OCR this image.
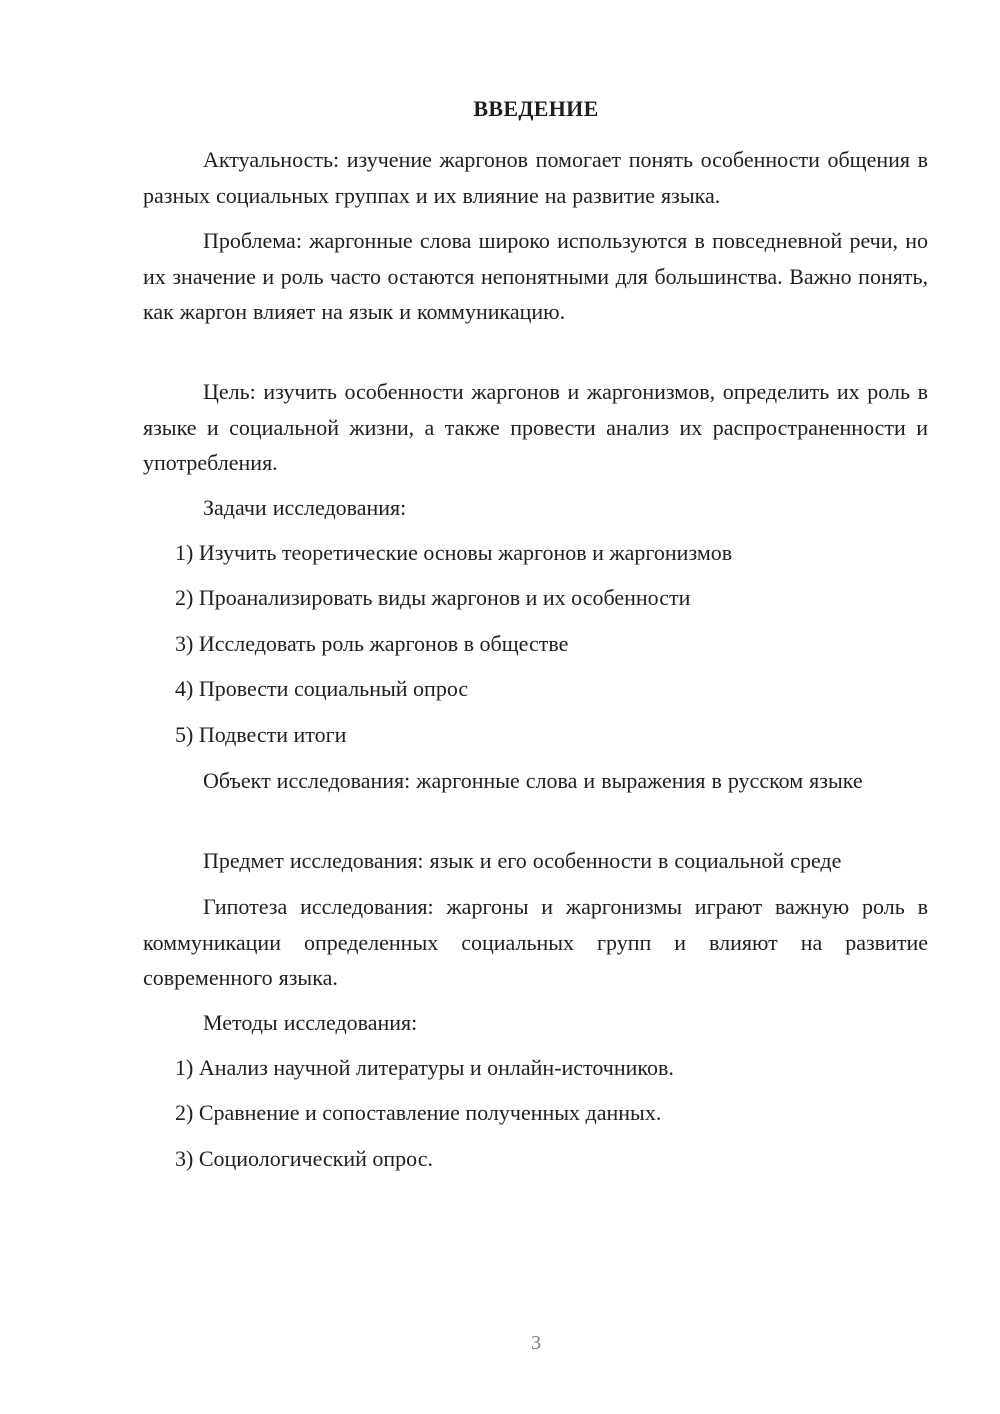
ВВЕДЕНИЕ

Актуальность: изучение жаргонов помогает понять особенности общения в разных социальных группах и их влияние на развитие языка.

Проблема: жаргонные слова широко используются в повседневной речи, но их значение и роль часто остаются непонятными для большинства. Важно понять, как жаргон влияет на язык и коммуникацию.

Цель: изучить особенности жаргонов и жаргонизмов, определить их роль в языке и социальной жизни, а также провести анализ их распространенности и употребления.

Задачи исследования:

1) Изучить теоретические основы жаргонов и жаргонизмов

2) Проанализировать виды жаргонов и их особенности

3) Исследовать роль жаргонов в обществе

4) Провести социальный опрос

5) Подвести итоги

Объект исследования: жаргонные слова и выражения в русском языке

Предмет исследования: язык и его особенности в социальной среде

Гипотеза исследования: жаргоны и жаргонизмы играют важную роль в коммуникации определенных социальных групп и влияют на развитие современного языка.

Методы исследования:

1) Анализ научной литературы и онлайн-источников.

2) Сравнение и сопоставление полученных данных.

3) Социологический опрос.

3
